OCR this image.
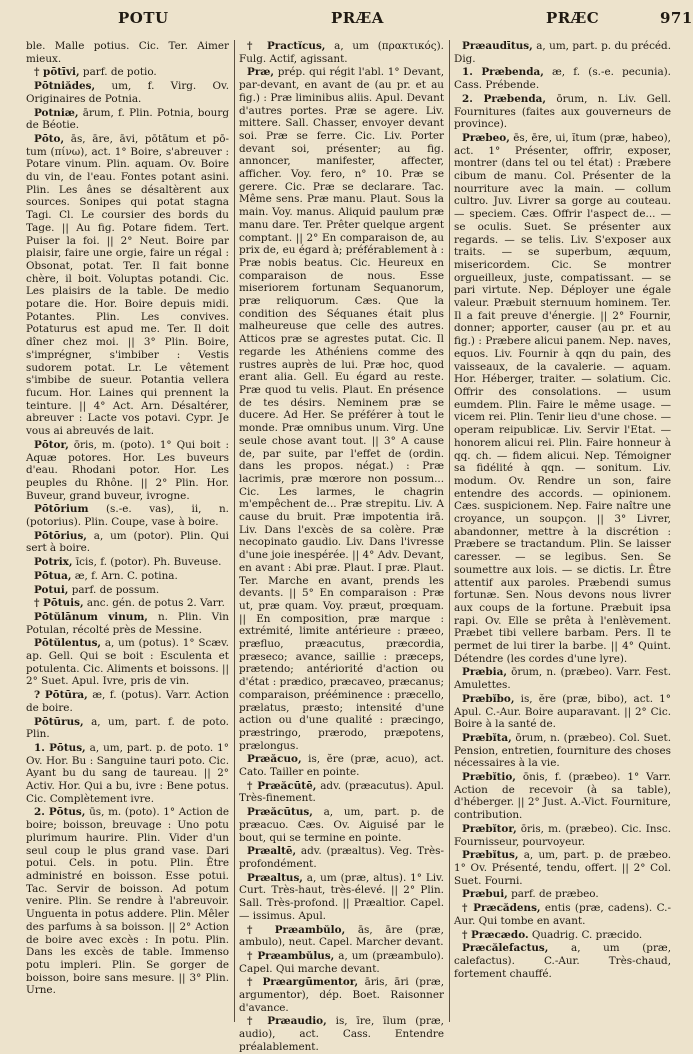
POTU	PRÆA	PRÆC	971

ble. Malle potius. Cic. Ter. Aimer mieux.

† pōtīvi, parf. de potio.

Pōtniădes, um, f. Virg. Ov. Originaires de Potnia.

Potniæ, ārum, f. Plin. Potnia, bourg de Béotie.

Pōto, ās, āre, āvi, pōtātum et pō-tum (πίνω), act. 1° Boire, s'abreuver : Potare vinum. Plin. aquam. Ov. Boire du vin, de l'eau. Fontes potant asini. Plin. Les ânes se désaltèrent aux sources. Sonipes qui potat stagna Tagi. Cl. Le coursier des bords du Tage. || Au fig. Potare fidem. Tert. Puiser la foi. || 2° Neut. Boire par plaisir, faire une orgie, faire un régal : Obsonat, potat. Ter. Il fait bonne chère, il boit. Voluptas potandi. Cic. Les plaisirs de la table. De medio potare die. Hor. Boire depuis midi. Potantes. Plin. Les convives. Potaturus est apud me. Ter. Il doit dîner chez moi. || 3° Plin. Boire, s'imprégner, s'imbiber : Vestis sudorem potat. Lr. Le vêtement s'imbibe de sueur. Potantia vellera fucum. Hor. Laines qui prennent la teinture. || 4° Act. Arn. Désaltérer, abreuver : Lacte vos potavi. Cypr. Je vous ai abreuvés de lait.

Pōtor, ōris, m. (poto). 1° Qui boit : Aquæ potores. Hor. Les buveurs d'eau. Rhodani potor. Hor. Les peuples du Rhône. || 2° Plin. Hor. Buveur, grand buveur, ivrogne.

Pōtōrium (s.-e. vas), ii, n. (potorius). Plin. Coupe, vase à boire.

Pōtōrius, a, um (potor). Plin. Qui sert à boire.

Potrix, īcis, f. (potor). Ph. Buveuse.

Pōtua, æ, f. Arn. C. potina.

Potui, parf. de possum.

† Pōtuis, anc. gén. de potus 2. Varr.

Pōtŭlānum vinum, n. Plin. Vin Potulan, récolté près de Messine.

Pōtŭlentus, a, um (potus). 1° Scæv. ap. Gell. Qui se boit : Esculenta et potulenta. Cic. Aliments et boissons. || 2° Suet. Apul. Ivre, pris de vin.

? Pōtūra, æ, f. (potus). Varr. Action de boire.

Pōtūrus, a, um, part. f. de poto. Plin.

1. Pōtus, a, um, part. p. de poto. 1° Ov. Hor. Bu : Sanguine tauri poto. Cic. Ayant bu du sang de taureau. || 2° Activ. Hor. Qui a bu, ivre : Bene potus. Cic. Complètement ivre.

2. Pōtus, ūs, m. (poto). 1° Action de boire; boisson, breuvage : Uno potu plurimum haurire. Plin. Vider d'un seul coup le plus grand vase. Dari potui. Cels. in potu. Plin. Être administré en boisson. Esse potui. Tac. Servir de boisson. Ad potum venire. Plin. Se rendre à l'abreuvoir. Unguenta in potus addere. Plin. Mêler des parfums à sa boisson. || 2° Action de boire avec excès : In potu. Plin. Dans les excès de table. Immenso potu impleri. Plin. Se gorger de boisson, boire sans mesure. || 3° Plin. Urne.

† Practĭcus, a, um (πρακτικός). Fulg. Actif, agissant.

Præ, prép. qui régit l'abl. 1° Devant, par-devant, en avant de (au pr. et au fig.) : Præ liminibus aliis. Apul. Devant d'autres portes. Præ se agere. Liv. mittere. Sall. Chasser, envoyer devant soi. Præ se ferre. Cic. Liv. Porter devant soi, présenter; au fig. annoncer, manifester, affecter, afficher. Voy. fero, n° 10. Præ se gerere. Cic. Præ se declarare. Tac. Même sens. Præ manu. Plaut. Sous la main. Voy. manus. Aliquid paulum præ manu dare. Ter. Prêter quelque argent comptant. || 2° En comparaison de, au prix de, eu égard à; préférablement à : Præ nobis beatus. Cic. Heureux en comparaison de nous. Esse miseriorem fortunam Sequanorum, præ reliquorum. Cæs. Que la condition des Séquanes était plus malheureuse que celle des autres. Atticos præ se agrestes putat. Cic. Il regarde les Athéniens comme des rustres auprès de lui. Præ hoc, quod erant alia. Gell. Eu égard au reste. Præ quod tu velis. Plaut. En présence de tes désirs. Neminem præ se ducere. Ad Her. Se préférer à tout le monde. Præ omnibus unum. Virg. Une seule chose avant tout. || 3° A cause de, par suite, par l'effet de (ordin. dans les propos. négat.) : Præ lacrimis, præ mœrore non possum... Cic. Les larmes, le chagrin m'empêchent de... Præ strepitu. Liv. A cause du bruit. Præ impotentia irā. Liv. Dans l'excès de sa colère. Præ necopinato gaudio. Liv. Dans l'ivresse d'une joie inespérée. || 4° Adv. Devant, en avant : Abi præ. Plaut. I præ. Plaut. Ter. Marche en avant, prends les devants. || 5° En comparaison : Præ ut, præ quam. Voy. præut, prœquam. || En composition, præ marque : extrémité, limite antérieure : præeo, præfluo, præacutus, præcordia, præseco; avance, saillie : præceps, prætendo; antériorité d'action ou d'état : prædico, præcaveo, præcanus; comparaison, prééminence : præcello, prælatus, præsto; intensité d'une action ou d'une qualité : præcingo, præstringo, prærodo, præpotens, prælongus.

Præăcuo, is, ĕre (præ, acuo), act. Cato. Tailler en pointe.

† Præăcūtē, adv. (præacutus). Apul. Très-finement.

Præăcūtus, a, um, part. p. de præacuo. Cæs. Ov. Aiguisé par le bout, qui se termine en pointe.

Præaltē, adv. (præaltus). Veg. Très-profondément.

Præaltus, a, um (præ, altus). 1° Liv. Curt. Très-haut, très-élevé. || 2° Plin. Sall. Très-profond. || Præaltior. Capel. — issimus. Apul.

† Præambŭlo, ās, āre (præ, ambulo), neut. Capel. Marcher devant.

† Præambŭlus, a, um (præambulo). Capel. Qui marche devant.

† Præargūmentor, āris, āri (præ, argumentor), dép. Boet. Raisonner d'avance.

† Præaudio, is, īre, īlum (præ, audio), act. Cass. Entendre préalablement.

Præaudītus, a, um, part. p. du précéd. Dig.

1. Præbenda, æ, f. (s.-e. pecunia). Cass. Prébende.

2. Præbenda, ōrum, n. Liv. Gell. Fournitures (faites aux gouverneurs de province).

Præbeo, ēs, ēre, ui, ĭtum (præ, habeo), act. 1° Présenter, offrir, exposer, montrer (dans tel ou tel état) : Præbere cibum de manu. Col. Présenter de la nourriture avec la main. — collum cultro. Juv. Livrer sa gorge au couteau. — speciem. Cæs. Offrir l'aspect de... — se oculis. Suet. Se présenter aux regards. — se telis. Liv. S'exposer aux traits. — se superbum, æquum, misericordem. Cic. Se montrer orgueilleux, juste, compatissant. — se pari virtute. Nep. Déployer une égale valeur. Præbuit sternuum hominem. Ter. Il a fait preuve d'énergie. || 2° Fournir, donner; apporter, causer (au pr. et au fig.) : Præbere alicui panem. Nep. naves, equos. Liv. Fournir à qqn du pain, des vaisseaux, de la cavalerie. — aquam. Hor. Héberger, traiter. — solatium. Cic. Offrir des consolations. — usum eumdem. Plin. Faire le même usage. — vicem rei. Plin. Tenir lieu d'une chose. — operam reipublicæ. Liv. Servir l'Etat. — honorem alicui rei. Plin. Faire honneur à qq. ch. — fidem alicui. Nep. Témoigner sa fidélité à qqn. — sonitum. Liv. modum. Ov. Rendre un son, faire entendre des accords. — opinionem. Cæs. suspicionem. Nep. Faire naître une croyance, un soupçon. || 3° Livrer, abandonner, mettre à la discrétion : Præbere se tractandum. Plin. Se laisser caresser. — se legibus. Sen. Se soumettre aux lois. — se dictis. Lr. Être attentif aux paroles. Præbendi sumus fortunæ. Sen. Nous devons nous livrer aux coups de la fortune. Præbuit ipsa rapi. Ov. Elle se prêta à l'enlèvement. Præbet tibi vellere barbam. Pers. Il te permet de lui tirer la barbe. || 4° Quint. Détendre (les cordes d'une lyre).

Præbia, ōrum, n. (præbeo). Varr. Fest. Amulettes.

Præbĭbo, is, ĕre (præ, bibo), act. 1° Apul. C.-Aur. Boire auparavant. || 2° Cic. Boire à la santé de.

Præbĭta, ōrum, n. (præbeo). Col. Suet. Pension, entretien, fourniture des choses nécessaires à la vie.

Præbĭtio, ōnis, f. (præbeo). 1° Varr. Action de recevoir (à sa table), d'héberger. || 2° Just. A.-Vict. Fourniture, contribution.

Præbĭtor, ōris, m. (præbeo). Cic. Insc. Fournisseur, pourvoyeur.

Præbĭtus, a, um, part. p. de præbeo. 1° Ov. Présenté, tendu, offert. || 2° Col. Suet. Fourni.

Præbui, parf. de præbeo.

† Præcădens, entis (præ, cadens). C.-Aur. Qui tombe en avant.

† Præcædo. Quadrig. C. præcido.

Præcălefactus, a, um (præ, calefactus). C.-Aur. Très-chaud, fortement chauffé.
